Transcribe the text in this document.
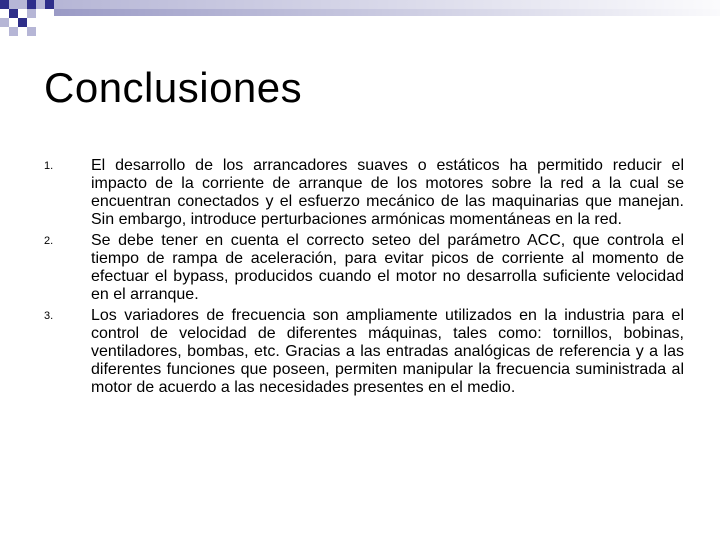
Conclusiones
1. El desarrollo de los arrancadores suaves o estáticos ha permitido reducir el impacto de la corriente de arranque de los motores sobre la red a la cual se encuentran conectados y el esfuerzo mecánico de las maquinarias que manejan. Sin embargo, introduce perturbaciones armónicas momentáneas en la red.
2. Se debe tener en cuenta el correcto seteo del parámetro ACC, que controla el tiempo de rampa de aceleración, para evitar picos de corriente al momento de efectuar el bypass, producidos cuando el motor no desarrolla suficiente velocidad en el arranque.
3. Los variadores de frecuencia son ampliamente utilizados en la industria para el control de velocidad de diferentes máquinas, tales como: tornillos, bobinas, ventiladores, bombas, etc. Gracias a las entradas analógicas de referencia y a las diferentes funciones que poseen, permiten manipular la frecuencia suministrada al motor de acuerdo a las necesidades presentes en el medio.
